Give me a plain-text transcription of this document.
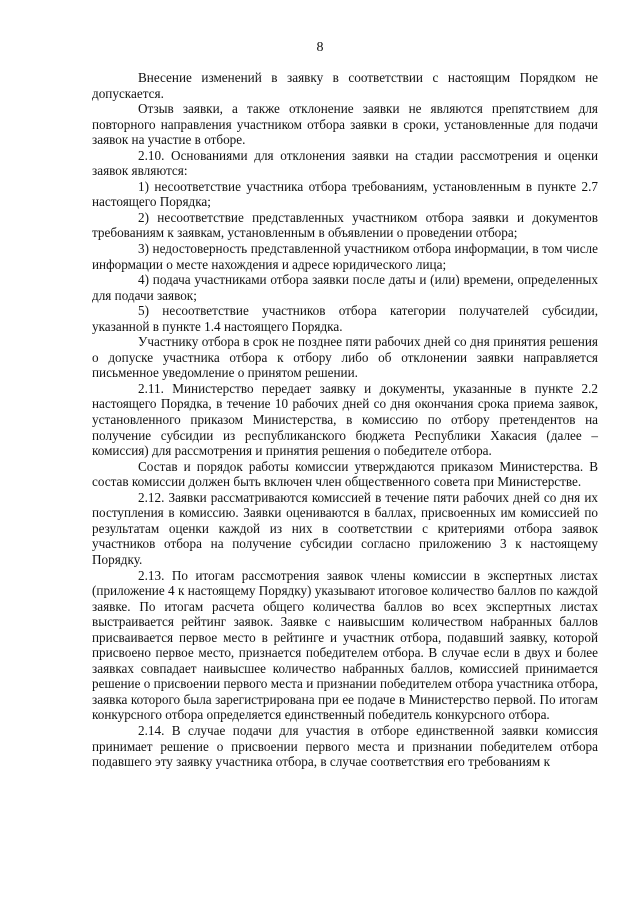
8

Внесение изменений в заявку в соответствии с настоящим Порядком не допускается.

Отзыв заявки, а также отклонение заявки не являются препятствием для повторного направления участником отбора заявки в сроки, установленные для подачи заявок на участие в отборе.

2.10. Основаниями для отклонения заявки на стадии рассмотрения и оценки заявок являются:

1) несоответствие участника отбора требованиям, установленным в пункте 2.7 настоящего Порядка;

2) несоответствие представленных участником отбора заявки и документов требованиям к заявкам, установленным в объявлении о проведении отбора;

3) недостоверность представленной участником отбора информации, в том числе информации о месте нахождения и адресе юридического лица;

4) подача участниками отбора заявки после даты и (или) времени, определенных для подачи заявок;

5) несоответствие участников отбора категории получателей субсидии, указанной в пункте 1.4 настоящего Порядка.

Участнику отбора в срок не позднее пяти рабочих дней со дня принятия решения о допуске участника отбора к отбору либо об отклонении заявки направляется письменное уведомление о принятом решении.

2.11. Министерство передает заявку и документы, указанные в пункте 2.2 настоящего Порядка, в течение 10 рабочих дней со дня окончания срока приема заявок, установленного приказом Министерства, в комиссию по отбору претендентов на получение субсидии из республиканского бюджета Республики Хакасия (далее – комиссия) для рассмотрения и принятия решения о победителе отбора.

Состав и порядок работы комиссии утверждаются приказом Министерства. В состав комиссии должен быть включен член общественного совета при Министерстве.

2.12. Заявки рассматриваются комиссией в течение пяти рабочих дней со дня их поступления в комиссию. Заявки оцениваются в баллах, присвоенных им комиссией по результатам оценки каждой из них в соответствии с критериями отбора заявок участников отбора на получение субсидии согласно приложению 3 к настоящему Порядку.

2.13. По итогам рассмотрения заявок члены комиссии в экспертных листах (приложение 4 к настоящему Порядку) указывают итоговое количество баллов по каждой заявке. По итогам расчета общего количества баллов во всех экспертных листах выстраивается рейтинг заявок. Заявке с наивысшим количеством набранных баллов присваивается первое место в рейтинге и участник отбора, подавший заявку, которой присвоено первое место, признается победителем отбора. В случае если в двух и более заявках совпадает наивысшее количество набранных баллов, комиссией принимается решение о присвоении первого места и признании победителем отбора участника отбора, заявка которого была зарегистрирована при ее подаче в Министерство первой. По итогам конкурсного отбора определяется единственный победитель конкурсного отбора.

2.14. В случае подачи для участия в отборе единственной заявки комиссия принимает решение о присвоении первого места и признании победителем отбора подавшего эту заявку участника отбора, в случае соответствия его требованиям к
